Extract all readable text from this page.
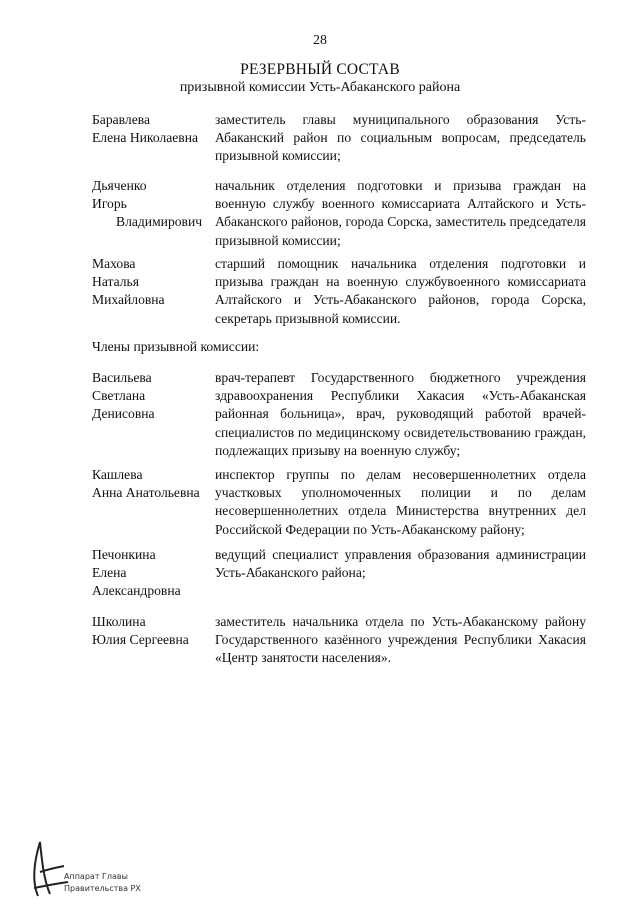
28
РЕЗЕРВНЫЙ СОСТАВ
призывной комиссии Усть-Абаканского района
Баравлева
Елена Николаевна
заместитель главы муниципального образования Усть-Абаканский район по социальным вопросам, председатель призывной комиссии;
Дьяченко
Игорь
Владимирович
начальник отделения подготовки и призыва граждан на военную службу военного комиссариата Алтайского и Усть-Абаканского районов, города Сорска, заместитель председателя призывной комиссии;
Махова
Наталья
Михайловна
старший помощник начальника отделения подготовки и призыва граждан на военную службувоенного комиссариата Алтайского и Усть-Абаканского районов, города Сорска, секретарь призывной комиссии.
Члены призывной комиссии:
Васильева
Светлана
Денисовна
врач-терапевт Государственного бюджетного учреждения здравоохранения Республики Хакасия «Усть-Абаканская районная больница», врач, руководящий работой врачей-специалистов по медицинскому освидетельствованию граждан, подлежащих призыву на военную службу;
Кашлева
Анна Анатольевна
инспектор группы по делам несовершеннолетних отдела участковых уполномоченных полиции и по делам несовершеннолетних отдела Министерства внутренних дел Российской Федерации по Усть-Абаканскому району;
Печонкина
Елена
Александровна
ведущий специалист управления образования администрации Усть-Абаканского района;
Школина
Юлия Сергеевна
заместитель начальника отдела по Усть-Абаканскому району Государственного казённого учреждения Республики Хакасия «Центр занятости населения».
Аппарат Главы
Правительства РХ
